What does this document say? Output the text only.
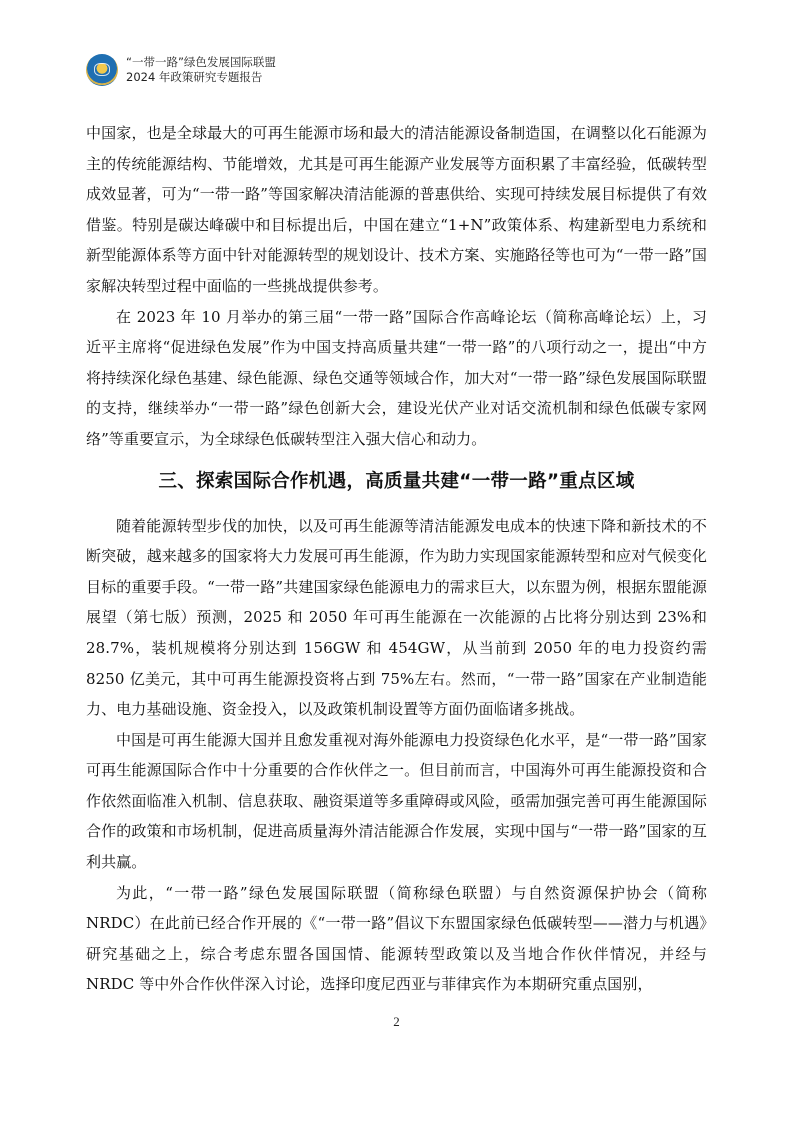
“一带一路”绿色发展国际联盟
2024 年政策研究专题报告

中国家，也是全球最大的可再生能源市场和最大的清洁能源设备制造国，在调整以化石能源为主的传统能源结构、节能增效，尤其是可再生能源产业发展等方面积累了丰富经验，低碳转型成效显著，可为“一带一路”等国家解决清洁能源的普惠供给、实现可持续发展目标提供了有效借鉴。特别是碳达峰碳中和目标提出后，中国在建立“1+N”政策体系、构建新型电力系统和新型能源体系等方面中针对能源转型的规划设计、技术方案、实施路径等也可为“一带一路”国家解决转型过程中面临的一些挑战提供参考。

在 2023 年 10 月举办的第三届“一带一路”国际合作高峰论坛（简称高峰论坛）上，习近平主席将“促进绿色发展”作为中国支持高质量共建“一带一路”的八项行动之一，提出“中方将持续深化绿色基建、绿色能源、绿色交通等领域合作，加大对“一带一路”绿色发展国际联盟的支持，继续举办“一带一路”绿色创新大会，建设光伏产业对话交流机制和绿色低碳专家网络”等重要宣示，为全球绿色低碳转型注入强大信心和动力。

三、探索国际合作机遇，高质量共建“一带一路”重点区域

随着能源转型步伐的加快，以及可再生能源等清洁能源发电成本的快速下降和新技术的不断突破，越来越多的国家将大力发展可再生能源，作为助力实现国家能源转型和应对气候变化目标的重要手段。“一带一路”共建国家绿色能源电力的需求巨大，以东盟为例，根据东盟能源展望（第七版）预测，2025 和 2050 年可再生能源在一次能源的占比将分别达到 23%和 28.7%，装机规模将分别达到 156GW 和 454GW，从当前到 2050 年的电力投资约需 8250 亿美元，其中可再生能源投资将占到 75%左右。然而，“一带一路”国家在产业制造能力、电力基础设施、资金投入，以及政策机制设置等方面仍面临诸多挑战。

中国是可再生能源大国并且愈发重视对海外能源电力投资绿色化水平，是“一带一路”国家可再生能源国际合作中十分重要的合作伙伴之一。但目前而言，中国海外可再生能源投资和合作依然面临准入机制、信息获取、融资渠道等多重障碍或风险，亟需加强完善可再生能源国际合作的政策和市场机制，促进高质量海外清洁能源合作发展，实现中国与“一带一路”国家的互利共赢。

为此，“一带一路”绿色发展国际联盟（简称绿色联盟）与自然资源保护协会（简称 NRDC）在此前已经合作开展的《“一带一路”倡议下东盟国家绿色低碳转型——潜力与机遇》研究基础之上，综合考虑东盟各国国情、能源转型政策以及当地合作伙伴情况，并经与 NRDC 等中外合作伙伴深入讨论，选择印度尼西亚与菲律宾作为本期研究重点国别，

2
